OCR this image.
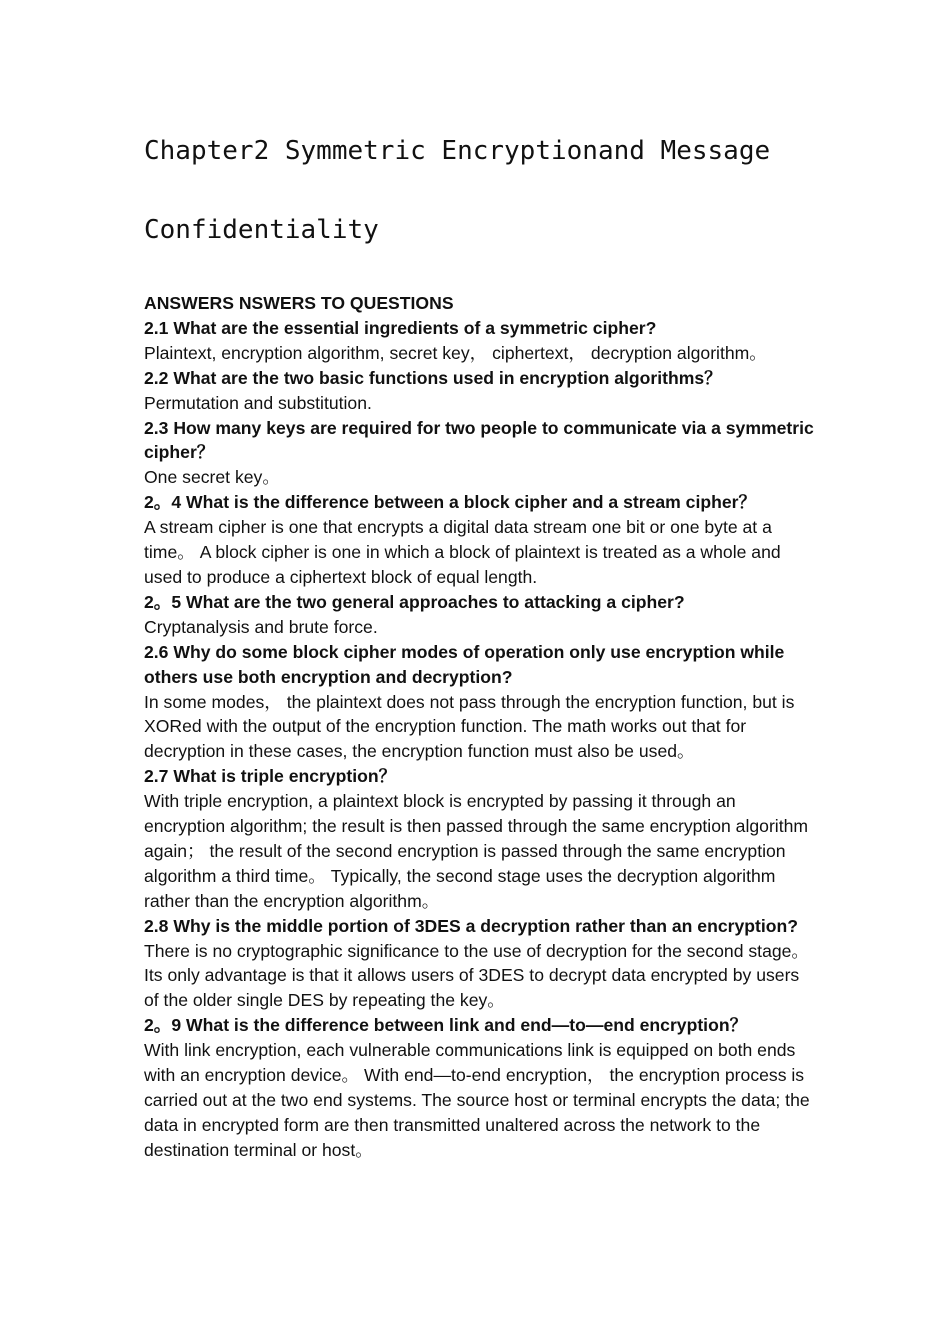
Chapter2 Symmetric Encryptionand Message
Confidentiality

ANSWERS NSWERS TO QUESTIONS

2.1 What are the essential ingredients of a symmetric cipher?

Plaintext, encryption algorithm, secret key， ciphertext， decryption algorithm。

2.2 What are the two basic functions used in encryption algorithms？

Permutation and substitution.

2.3 How many keys are required for two people to communicate via a symmetric cipher？

One secret key。

2。4 What is the difference between a block cipher and a stream cipher？

A stream cipher is one that encrypts a digital data stream one bit or one byte at a time。 A block cipher is one in which a block of plaintext is treated as a whole and used to produce a ciphertext block of equal length.

2。5 What are the two general approaches to attacking a cipher?

Cryptanalysis and brute force.

2.6 Why do some block cipher modes of operation only use encryption while others use both encryption and decryption?

In some modes， the plaintext does not pass through the encryption function, but is XORed with the output of the encryption function. The math works out that for decryption in these cases, the encryption function must also be used。

2.7 What is triple encryption？

With triple encryption, a plaintext block is encrypted by passing it through an encryption algorithm; the result is then passed through the same encryption algorithm again； the result of the second encryption is passed through the same encryption algorithm a third time。 Typically, the second stage uses the decryption algorithm rather than the encryption algorithm。

2.8 Why is the middle portion of 3DES a decryption rather than an encryption?

There is no cryptographic significance to the use of decryption for the second stage。 Its only advantage is that it allows users of 3DES to decrypt data encrypted by users of the older single DES by repeating the key。

2。9 What is the difference between link and end—to—end encryption？

With link encryption, each vulnerable communications link is equipped on both ends with an encryption device。 With end—to-end encryption， the encryption process is carried out at the two end systems. The source host or terminal encrypts the data; the data in encrypted form are then transmitted unaltered across the network to the destination terminal or host。
